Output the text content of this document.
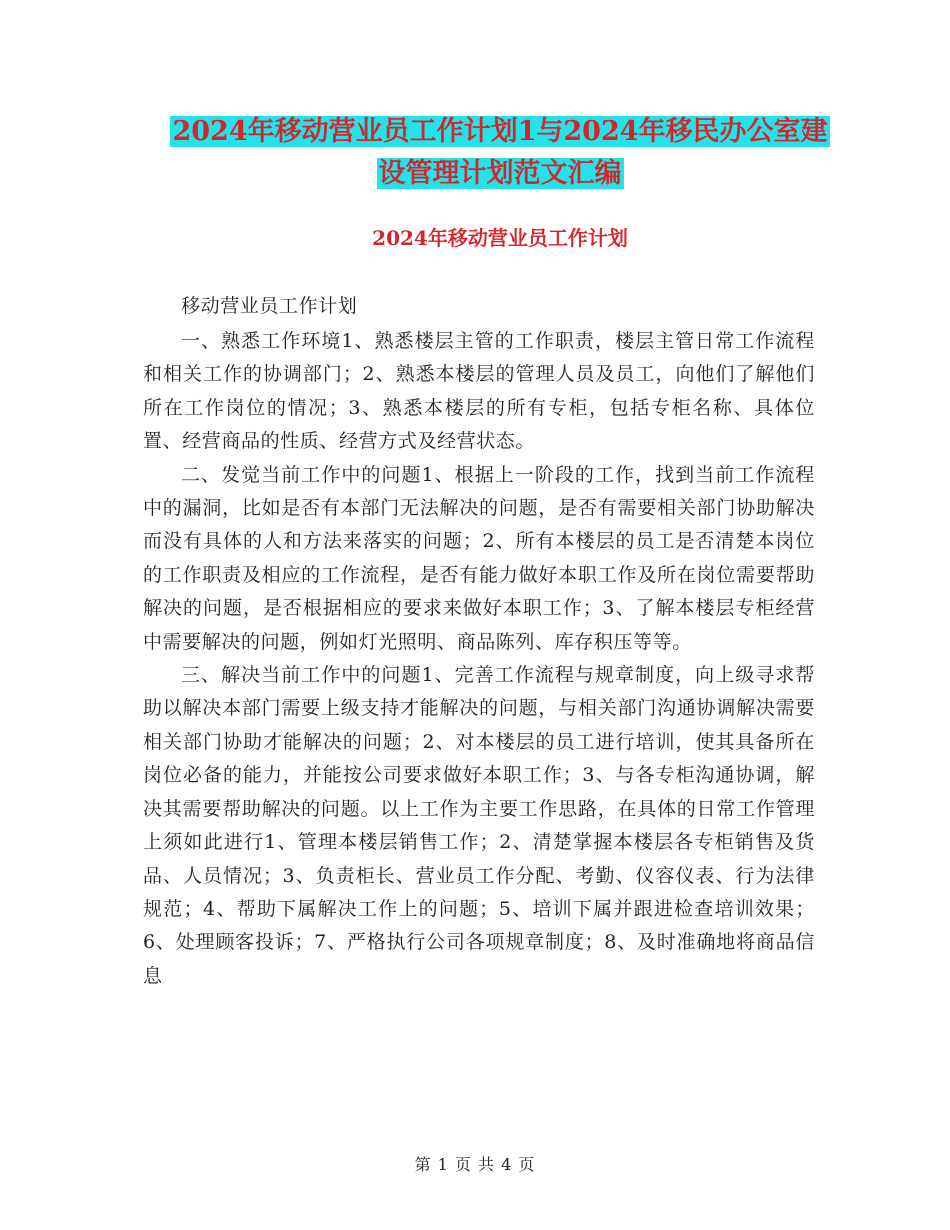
2024年移动营业员工作计划1与2024年移民办公室建
设管理计划范文汇编
2024年移动营业员工作计划

移动营业员工作计划

一、熟悉工作环境1、熟悉楼层主管的工作职责，楼层主管日常工作流程和相关工作的协调部门；2、熟悉本楼层的管理人员及员工，向他们了解他们所在工作岗位的情况；3、熟悉本楼层的所有专柜，包括专柜名称、具体位置、经营商品的性质、经营方式及经营状态。

二、发觉当前工作中的问题1、根据上一阶段的工作，找到当前工作流程中的漏洞，比如是否有本部门无法解决的问题，是否有需要相关部门协助解决而没有具体的人和方法来落实的问题；2、所有本楼层的员工是否清楚本岗位的工作职责及相应的工作流程，是否有能力做好本职工作及所在岗位需要帮助解决的问题，是否根据相应的要求来做好本职工作；3、了解本楼层专柜经营中需要解决的问题，例如灯光照明、商品陈列、库存积压等等。

三、解决当前工作中的问题1、完善工作流程与规章制度，向上级寻求帮助以解决本部门需要上级支持才能解决的问题，与相关部门沟通协调解决需要相关部门协助才能解决的问题；2、对本楼层的员工进行培训，使其具备所在岗位必备的能力，并能按公司要求做好本职工作；3、与各专柜沟通协调，解决其需要帮助解决的问题。以上工作为主要工作思路，在具体的日常工作管理上须如此进行1、管理本楼层销售工作；2、清楚掌握本楼层各专柜销售及货品、人员情况；3、负责柜长、营业员工作分配、考勤、仪容仪表、行为法律规范；4、帮助下属解决工作上的问题；5、培训下属并跟进检查培训效果；6、处理顾客投诉；7、严格执行公司各项规章制度；8、及时准确地将商品信息

第 1 页 共 4 页
